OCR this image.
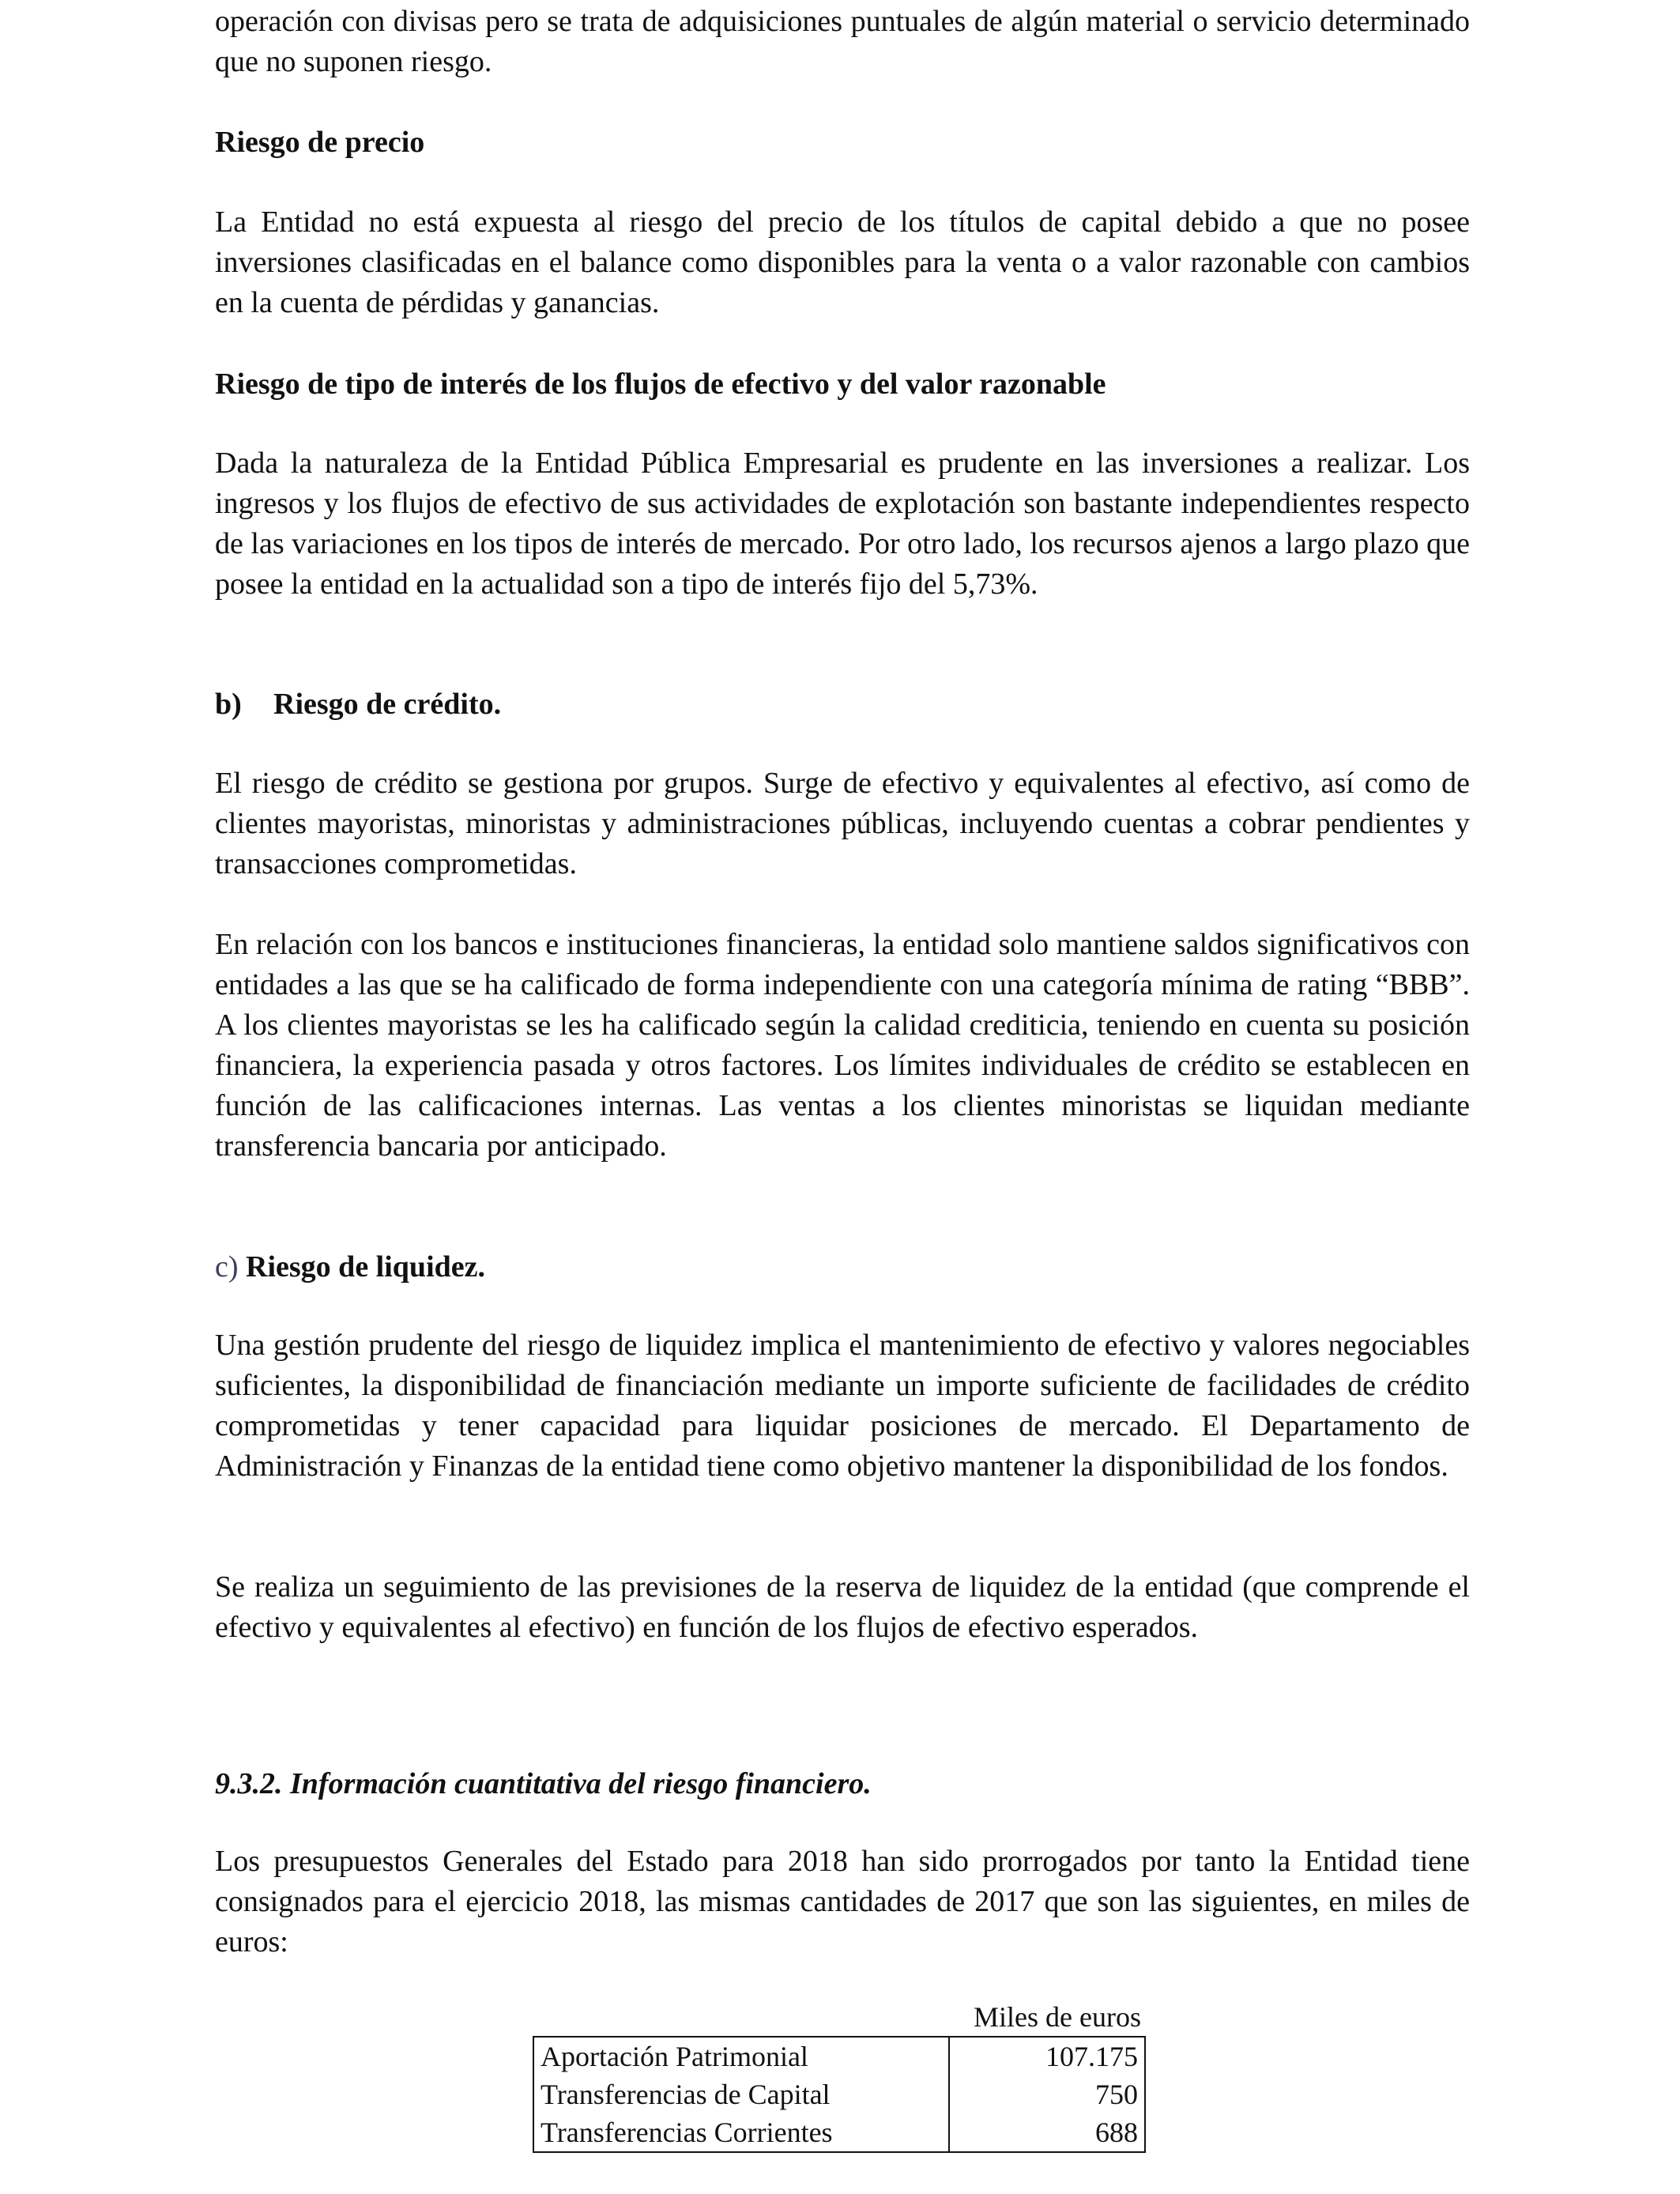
operación con divisas pero se trata de adquisiciones puntuales de algún material o servicio determinado que no suponen riesgo.

Riesgo de precio

La Entidad no está expuesta al riesgo del precio de los títulos de capital debido a que no posee inversiones clasificadas en el balance como disponibles para la venta o a valor razonable con cambios en la cuenta de pérdidas y ganancias.

Riesgo de tipo de interés de los flujos de efectivo y del valor razonable

Dada la naturaleza de la Entidad Pública Empresarial es prudente en las inversiones a realizar. Los ingresos y los flujos de efectivo de sus actividades de explotación son bastante independientes respecto de las variaciones en los tipos de interés de mercado. Por otro lado, los recursos ajenos a largo plazo que posee la entidad en la actualidad son a tipo de interés fijo del 5,73%.

b) Riesgo de crédito.

El riesgo de crédito se gestiona por grupos. Surge de efectivo y equivalentes al efectivo, así como de clientes mayoristas, minoristas y administraciones públicas, incluyendo cuentas a cobrar pendientes y transacciones comprometidas.

En relación con los bancos e instituciones financieras, la entidad solo mantiene saldos significativos con entidades a las que se ha calificado de forma independiente con una categoría mínima de rating “BBB”. A los clientes mayoristas se les ha calificado según la calidad crediticia, teniendo en cuenta su posición financiera, la experiencia pasada y otros factores. Los límites individuales de crédito se establecen en función de las calificaciones internas. Las ventas a los clientes minoristas se liquidan mediante transferencia bancaria por anticipado.

c) Riesgo de liquidez.

Una gestión prudente del riesgo de liquidez implica el mantenimiento de efectivo y valores negociables suficientes, la disponibilidad de financiación mediante un importe suficiente de facilidades de crédito comprometidas y tener capacidad para liquidar posiciones de mercado. El Departamento de Administración y Finanzas de la entidad tiene como objetivo mantener la disponibilidad de los fondos.

Se realiza un seguimiento de las previsiones de la reserva de liquidez de la entidad (que comprende el efectivo y equivalentes al efectivo) en función de los flujos de efectivo esperados.

9.3.2. Información cuantitativa del riesgo financiero.

Los presupuestos Generales del Estado para 2018 han sido prorrogados por tanto la Entidad tiene consignados para el ejercicio 2018, las mismas cantidades de 2017 que son las siguientes, en miles de euros:

Miles de euros
Aportación Patrimonial	107.175
Transferencias de Capital	750
Transferencias Corrientes	688
